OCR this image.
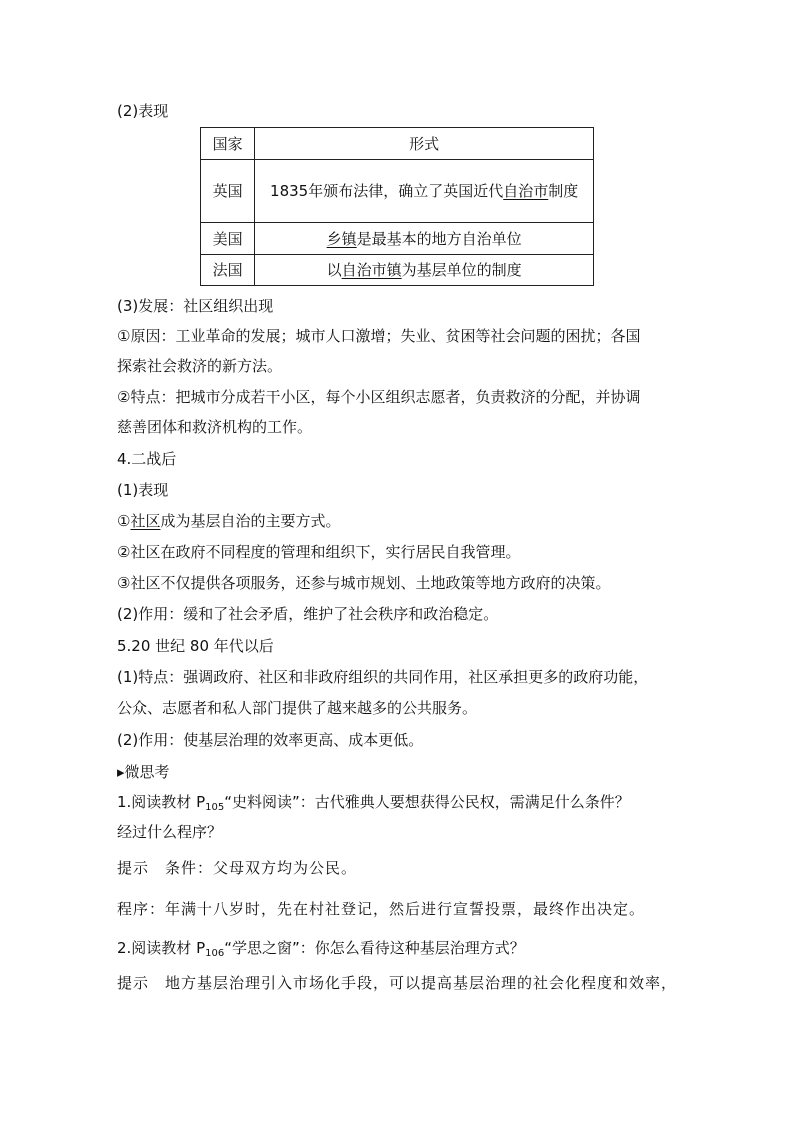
(2)表现
国家	形式
英国	1835年颁布法律，确立了英国近代自治市制度
美国	乡镇是最基本的地方自治单位
法国	以自治市镇为基层单位的制度
(3)发展：社区组织出现
①原因：工业革命的发展；城市人口激增；失业、贫困等社会问题的困扰；各国
探索社会救济的新方法。
②特点：把城市分成若干小区，每个小区组织志愿者，负责救济的分配，并协调
慈善团体和救济机构的工作。
4.二战后
(1)表现
①社区成为基层自治的主要方式。
②社区在政府不同程度的管理和组织下，实行居民自我管理。
③社区不仅提供各项服务，还参与城市规划、土地政策等地方政府的决策。
(2)作用：缓和了社会矛盾，维护了社会秩序和政治稳定。
5.20 世纪 80 年代以后
(1)特点：强调政府、社区和非政府组织的共同作用，社区承担更多的政府功能，
公众、志愿者和私人部门提供了越来越多的公共服务。
(2)作用：使基层治理的效率更高、成本更低。
▸微思考
1.阅读教材 $P_{105}“$史料阅读”：古代雅典人要想获得公民权，需满足什么条件？
经过什么程序？
提示　条件：父母双方均为公民。
程序：年满十八岁时，先在村社登记，然后进行宣誓投票，最终作出决定。
2.阅读教材 $P_{106}“$学思之窗”：你怎么看待这种基层治理方式？
提示　地方基层治理引入市场化手段，可以提高基层治理的社会化程度和效率，
